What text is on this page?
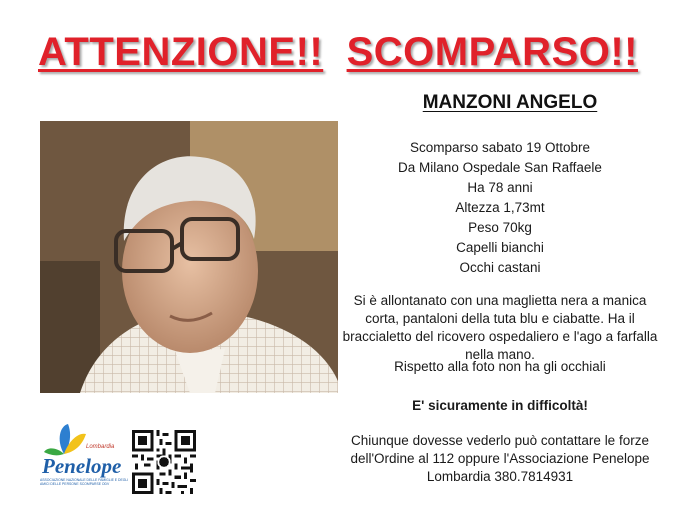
ATTENZIONE!! SCOMPARSO!!
MANZONI ANGELO
Scomparso sabato 19 Ottobre
Da Milano Ospedale San Raffaele
Ha 78 anni
Altezza 1,73mt
Peso 70kg
Capelli bianchi
Occhi castani
Si è allontanato con una maglietta nera a manica corta, pantaloni della tuta blu e ciabatte. Ha il braccialetto del ricovero ospedaliero e l'ago a farfalla nella mano.
Rispetto alla foto non ha gli occhiali
E' sicuramente in difficoltà!
Chiunque dovesse vederlo può contattare le forze dell'Ordine al 112 oppure l'Associazione Penelope Lombardia 380.7814931
Lombardia
Penelope
ASSOCIAZIONE NAZIONALE DELLE FAMIGLIE E DEGLI AMICI DELLE PERSONE SCOMPARSE ODV
